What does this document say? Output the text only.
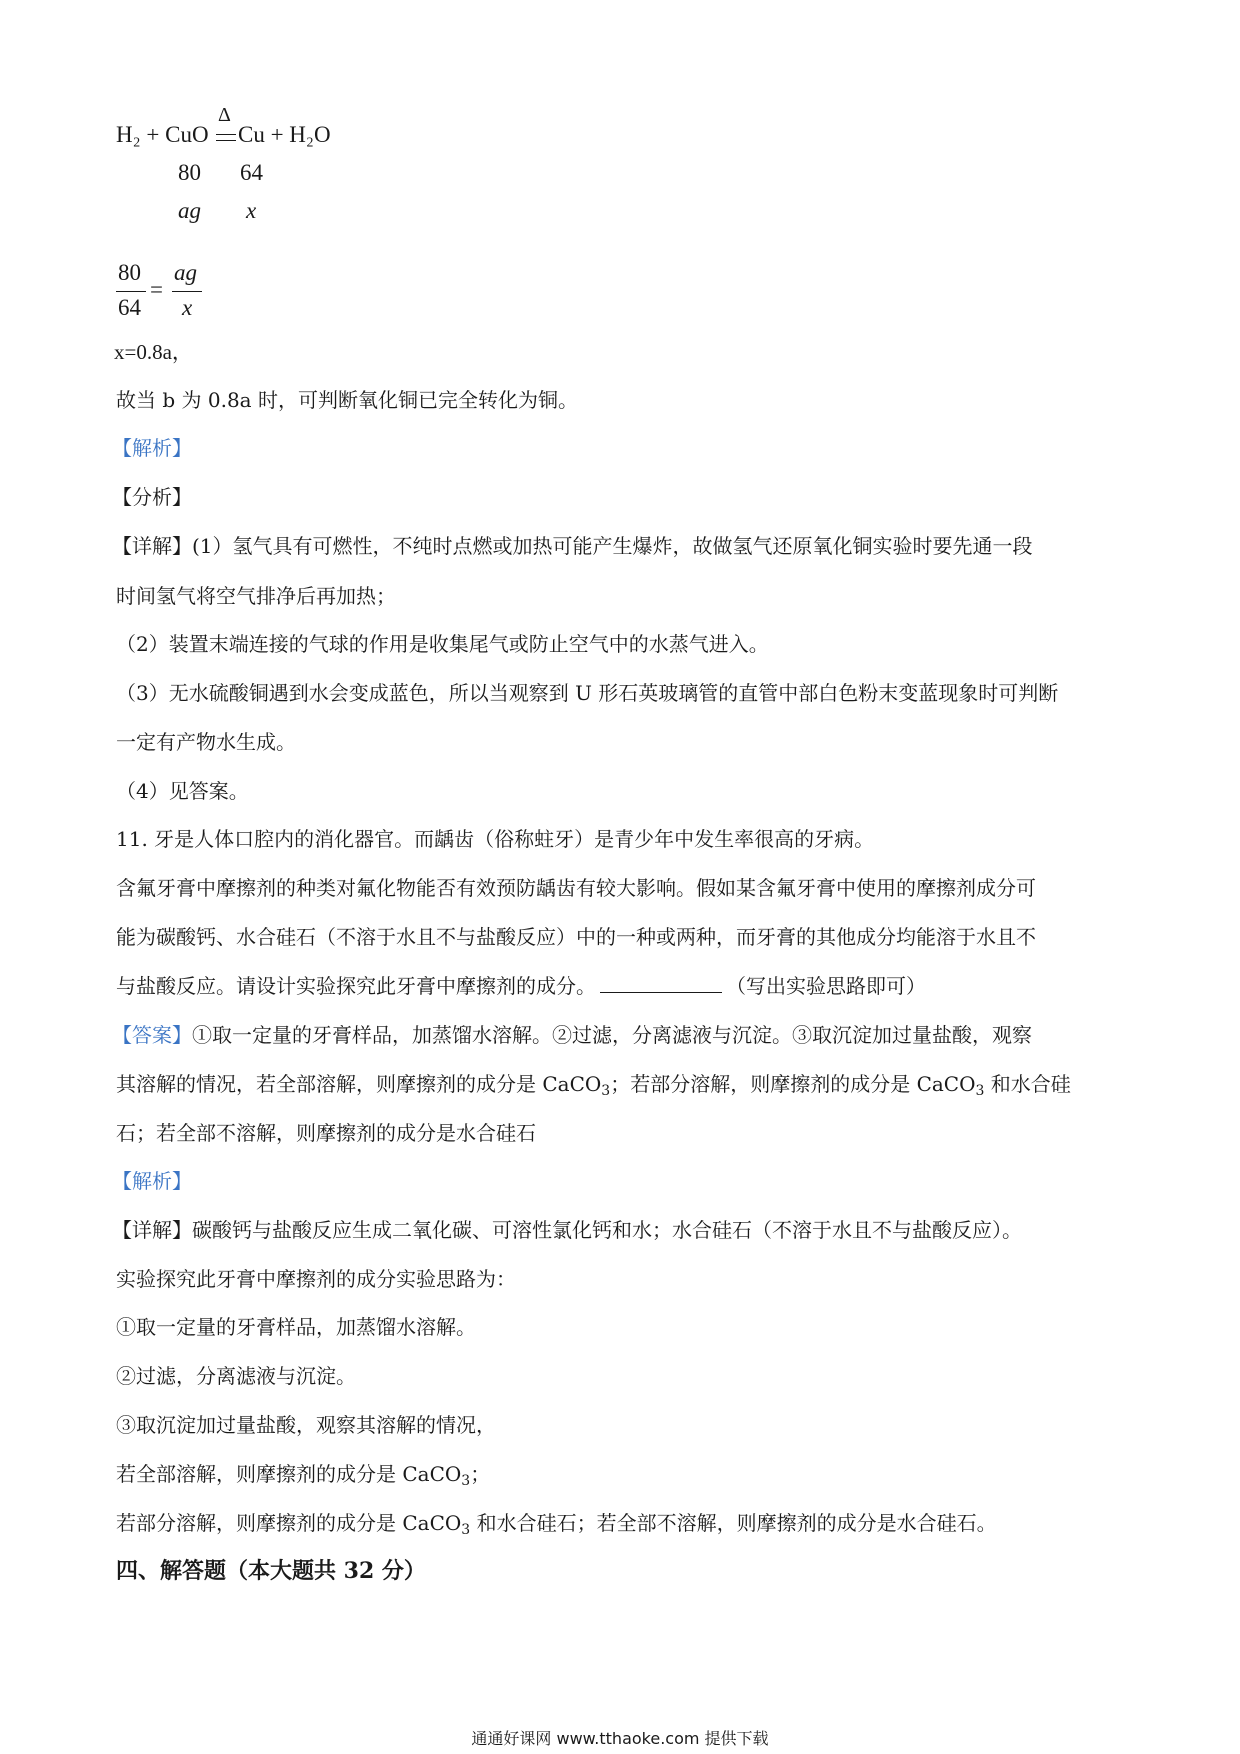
H₂ + CuO
Δ
Cu + H₂O
80 64
ag x
80
64
=
ag
x
x=0.8a，
故当 b 为 0.8a 时，可判断氧化铜已完全转化为铜。
【解析】
【分析】
【详解】(1）氢气具有可燃性，不纯时点燃或加热可能产生爆炸，故做氢气还原氧化铜实验时要先通一段
时间氢气将空气排净后再加热；
（2）装置末端连接的气球的作用是收集尾气或防止空气中的水蒸气进入。
（3）无水硫酸铜遇到水会变成蓝色，所以当观察到 U 形石英玻璃管的直管中部白色粉末变蓝现象时可判断
一定有产物水生成。
（4）见答案。
11. 牙是人体口腔内的消化器官。而龋齿（俗称蛀牙）是青少年中发生率很高的牙病。
含氟牙膏中摩擦剂的种类对氟化物能否有效预防龋齿有较大影响。假如某含氟牙膏中使用的摩擦剂成分可
能为碳酸钙、水合硅石（不溶于水且不与盐酸反应）中的一种或两种，而牙膏的其他成分均能溶于水且不
与盐酸反应。请设计实验探究此牙膏中摩擦剂的成分。	（写出实验思路即可）
【答案】①取一定量的牙膏样品，加蒸馏水溶解。②过滤，分离滤液与沉淀。③取沉淀加过量盐酸，观察
其溶解的情况，若全部溶解，则摩擦剂的成分是 CaCO$_3$；若部分溶解，则摩擦剂的成分是 CaCO$_3$ 和水合硅
石；若全部不溶解，则摩擦剂的成分是水合硅石
【解析】
【详解】碳酸钙与盐酸反应生成二氧化碳、可溶性氯化钙和水；水合硅石（不溶于水且不与盐酸反应）。
实验探究此牙膏中摩擦剂的成分实验思路为：
①取一定量的牙膏样品，加蒸馏水溶解。
②过滤，分离滤液与沉淀。
③取沉淀加过量盐酸，观察其溶解的情况，
若全部溶解，则摩擦剂的成分是 CaCO$_3$；
若部分溶解，则摩擦剂的成分是 CaCO$_3$ 和水合硅石；若全部不溶解，则摩擦剂的成分是水合硅石。
四、解答题（本大题共 32 分）
通通好课网 www.tthaoke.com 提供下载
